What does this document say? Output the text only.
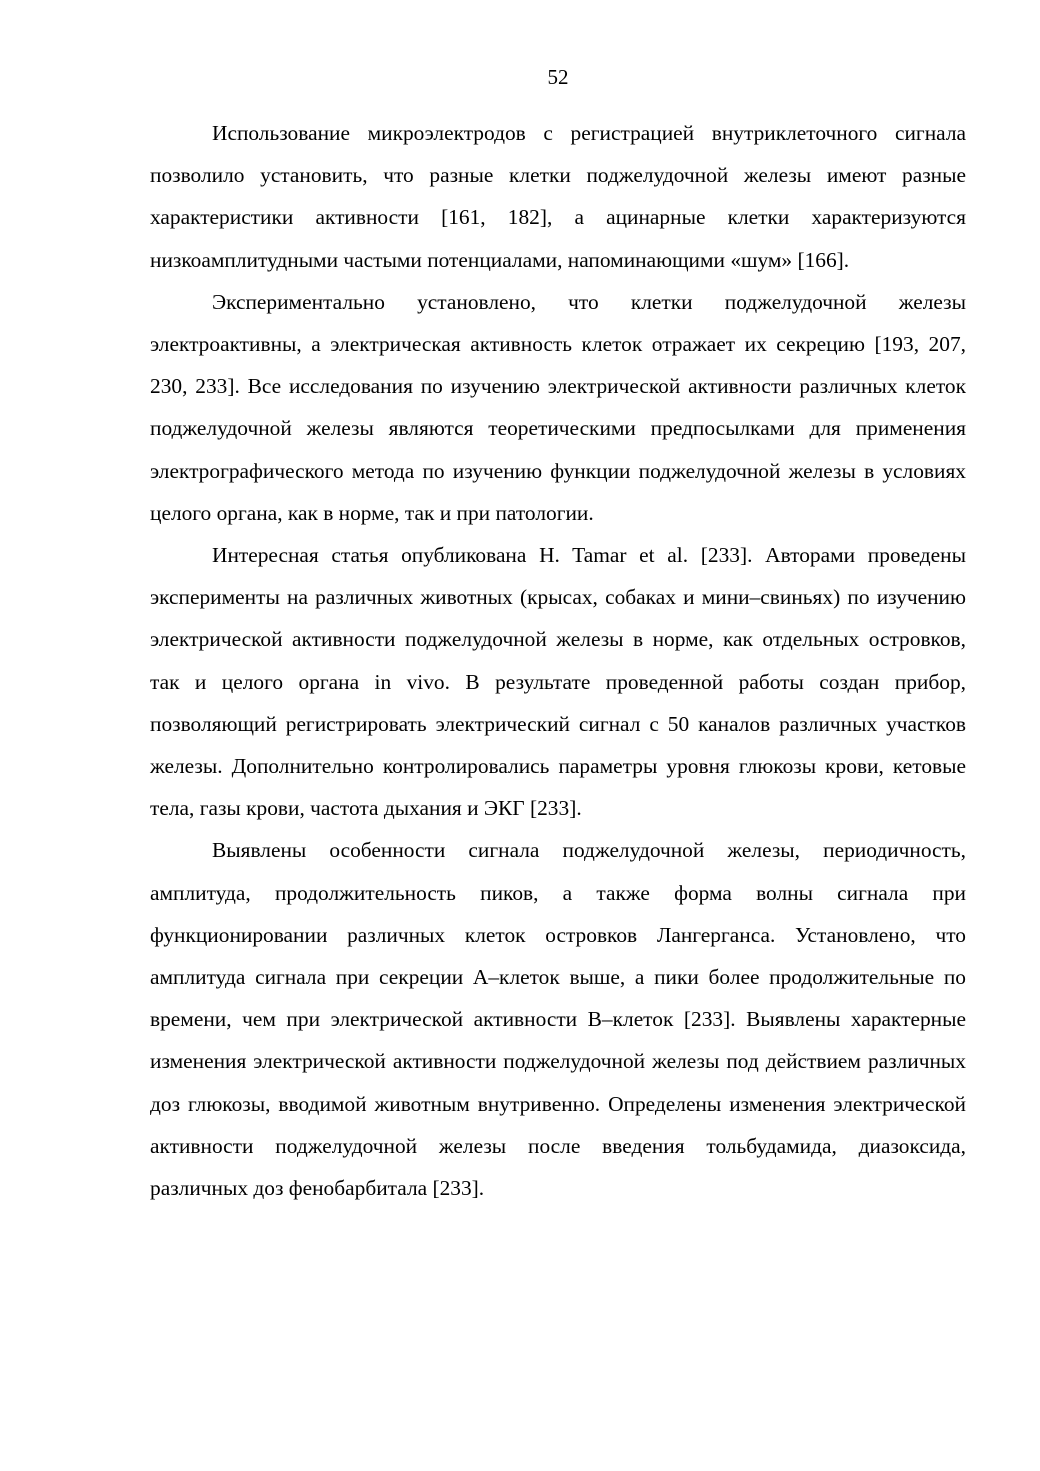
52

Использование микроэлектродов с регистрацией внутриклеточного сигнала позволило установить, что разные клетки поджелудочной железы имеют разные характеристики активности [161, 182], а ацинарные клетки характеризуются низкоамплитудными частыми потенциалами, напоминающими «шум» [166].

Экспериментально установлено, что клетки поджелудочной железы электроактивны, а электрическая активность клеток отражает их секрецию [193, 207, 230, 233]. Все исследования по изучению электрической активности различных клеток поджелудочной железы являются теоретическими предпосылками для применения электрографического метода по изучению функции поджелудочной железы в условиях целого органа, как в норме, так и при патологии.

Интересная статья опубликована H. Tamar et al. [233]. Авторами проведены эксперименты на различных животных (крысах, собаках и мини–свиньях) по изучению электрической активности поджелудочной железы в норме, как отдельных островков, так и целого органа in vivo. В результате проведенной работы создан прибор, позволяющий регистрировать электрический сигнал с 50 каналов различных участков железы. Дополнительно контролировались параметры уровня глюкозы крови, кетовые тела, газы крови, частота дыхания и ЭКГ [233].

Выявлены особенности сигнала поджелудочной железы, периодичность, амплитуда, продолжительность пиков, а также форма волны сигнала при функционировании различных клеток островков Лангерганса. Установлено, что амплитуда сигнала при секреции А–клеток выше, а пики более продолжительные по времени, чем при электрической активности В–клеток [233]. Выявлены характерные изменения электрической активности поджелудочной железы под действием различных доз глюкозы, вводимой животным внутривенно. Определены изменения электрической активности поджелудочной железы после введения тольбудамида, диазоксида, различных доз фенобарбитала [233].
